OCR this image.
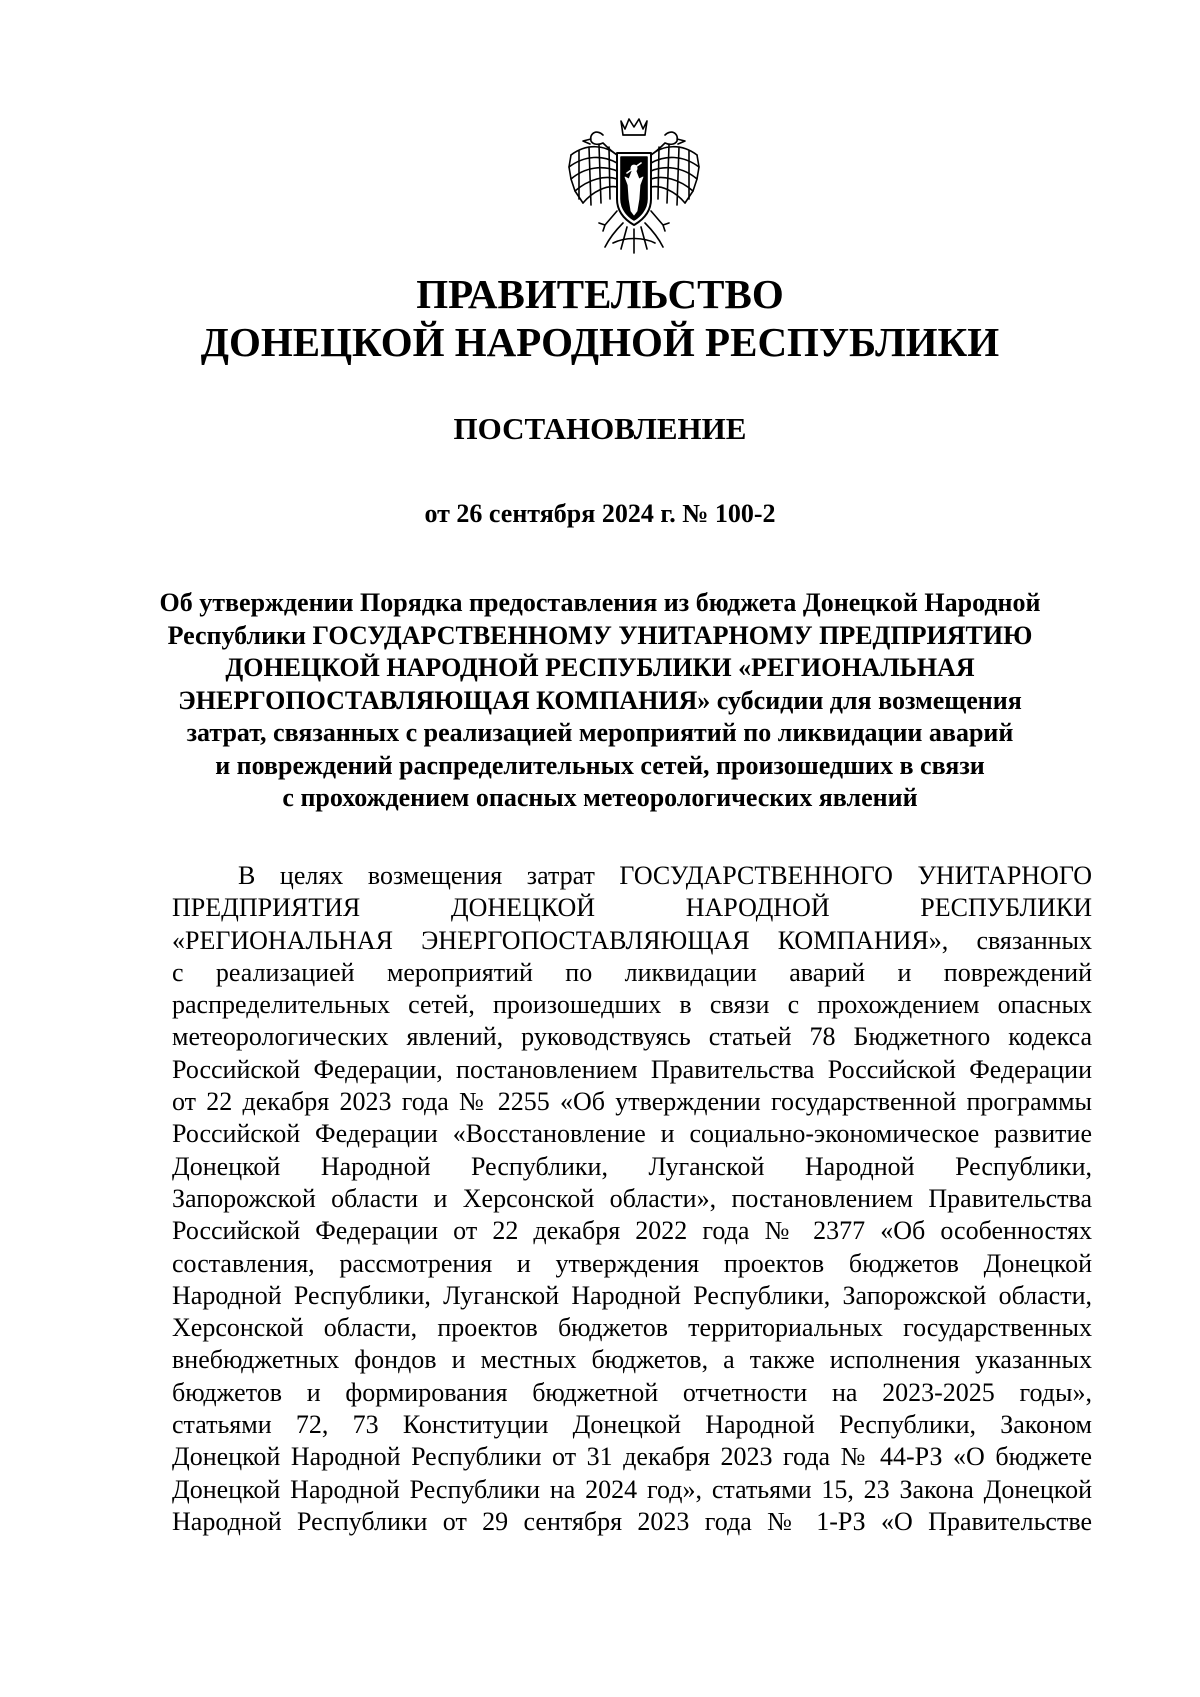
ПРАВИТЕЛЬСТВО
ДОНЕЦКОЙ НАРОДНОЙ РЕСПУБЛИКИ
ПОСТАНОВЛЕНИЕ
от 26 сентября 2024 г. № 100-2
Об утверждении Порядка предоставления из бюджета Донецкой Народной
Республики ГОСУДАРСТВЕННОМУ УНИТАРНОМУ ПРЕДПРИЯТИЮ
ДОНЕЦКОЙ НАРОДНОЙ РЕСПУБЛИКИ «РЕГИОНАЛЬНАЯ
ЭНЕРГОПОСТАВЛЯЮЩАЯ КОМПАНИЯ» субсидии для возмещения
затрат, связанных с реализацией мероприятий по ликвидации аварий
и повреждений распределительных сетей, произошедших в связи
с прохождением опасных метеорологических явлений
В целях возмещения затрат ГОСУДАРСТВЕННОГО УНИТАРНОГО
ПРЕДПРИЯТИЯ ДОНЕЦКОЙ НАРОДНОЙ РЕСПУБЛИКИ
«РЕГИОНАЛЬНАЯ ЭНЕРГОПОСТАВЛЯЮЩАЯ КОМПАНИЯ», связанных
с реализацией мероприятий по ликвидации аварий и повреждений
распределительных сетей, произошедших в связи с прохождением опасных
метеорологических явлений, руководствуясь статьей 78 Бюджетного кодекса
Российской Федерации, постановлением Правительства Российской Федерации
от 22 декабря 2023 года № 2255 «Об утверждении государственной программы
Российской Федерации «Восстановление и социально-экономическое развитие
Донецкой Народной Республики, Луганской Народной Республики,
Запорожской области и Херсонской области», постановлением Правительства
Российской Федерации от 22 декабря 2022 года № 2377 «Об особенностях
составления, рассмотрения и утверждения проектов бюджетов Донецкой
Народной Республики, Луганской Народной Республики, Запорожской области,
Херсонской области, проектов бюджетов территориальных государственных
внебюджетных фондов и местных бюджетов, а также исполнения указанных
бюджетов и формирования бюджетной отчетности на 2023-2025 годы»,
статьями 72, 73 Конституции Донецкой Народной Республики, Законом
Донецкой Народной Республики от 31 декабря 2023 года № 44-РЗ «О бюджете
Донецкой Народной Республики на 2024 год», статьями 15, 23 Закона Донецкой
Народной Республики от 29 сентября 2023 года № 1-РЗ «О Правительстве
